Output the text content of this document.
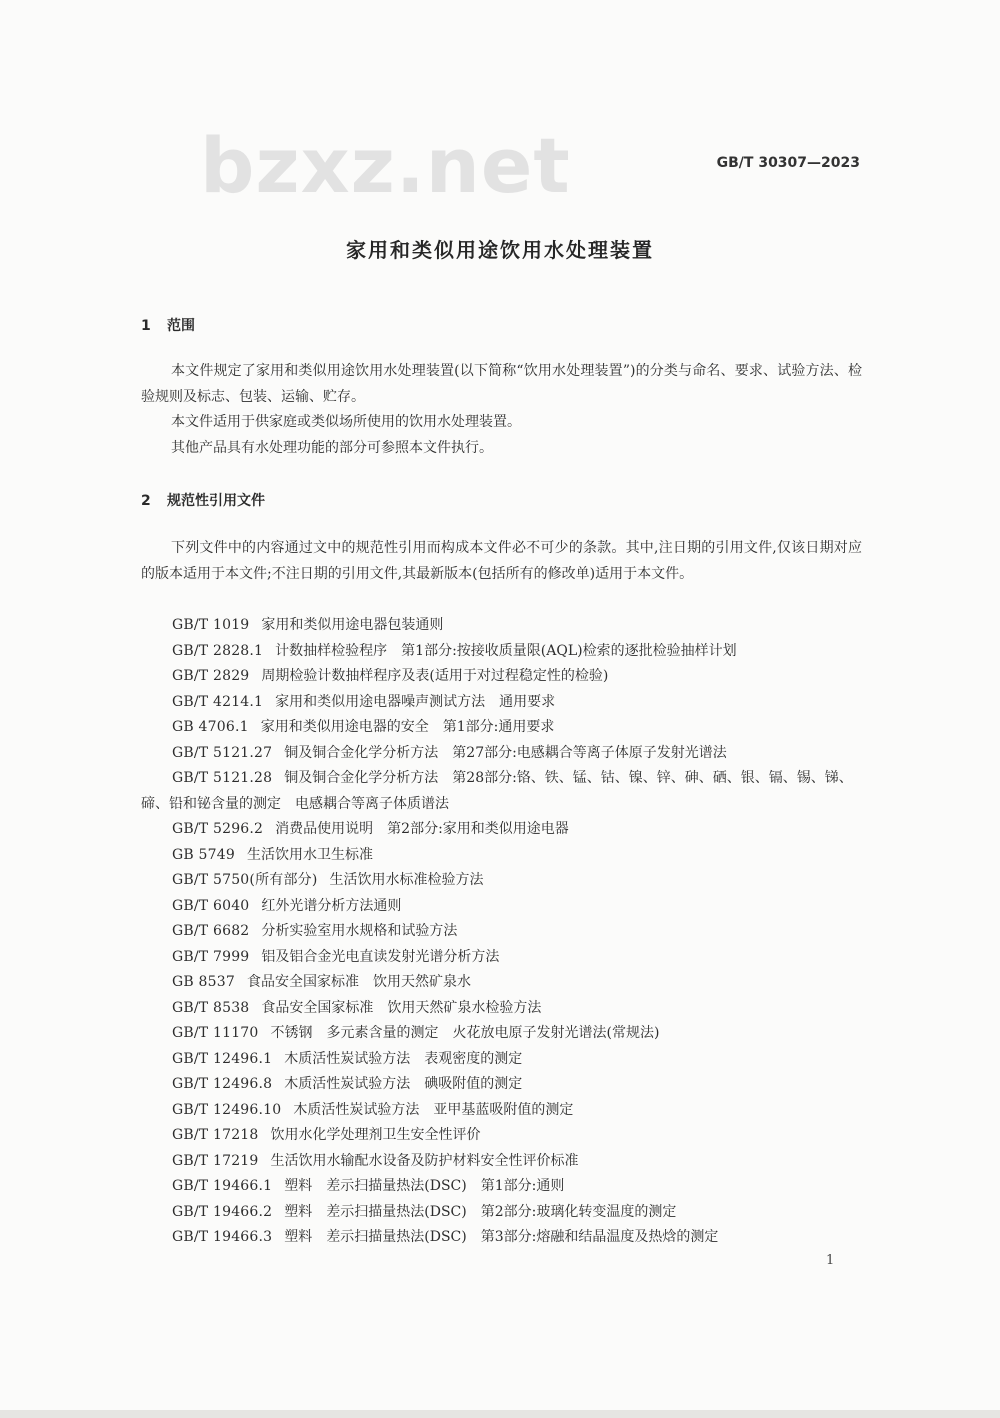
bzxz.net	GB/T 30307—2023
家用和类似用途饮用水处理装置
1 范围
本文件规定了家用和类似用途饮用水处理装置(以下简称“饮用水处理装置”)的分类与命名、要求、试验方法、检验规则及标志、包装、运输、贮存。
本文件适用于供家庭或类似场所使用的饮用水处理装置。
其他产品具有水处理功能的部分可参照本文件执行。
2 规范性引用文件
下列文件中的内容通过文中的规范性引用而构成本文件必不可少的条款。其中,注日期的引用文件,仅该日期对应的版本适用于本文件;不注日期的引用文件,其最新版本(包括所有的修改单)适用于本文件。
GB/T 1019 家用和类似用途电器包装通则
GB/T 2828.1 计数抽样检验程序　第1部分:按接收质量限(AQL)检索的逐批检验抽样计划
GB/T 2829 周期检验计数抽样程序及表(适用于对过程稳定性的检验)
GB/T 4214.1 家用和类似用途电器噪声测试方法　通用要求
GB 4706.1 家用和类似用途电器的安全　第1部分:通用要求
GB/T 5121.27 铜及铜合金化学分析方法　第27部分:电感耦合等离子体原子发射光谱法
GB/T 5121.28 铜及铜合金化学分析方法　第28部分:铬、铁、锰、钴、镍、锌、砷、硒、银、镉、锡、锑、碲、铅和铋含量的测定　电感耦合等离子体质谱法
GB/T 5296.2 消费品使用说明　第2部分:家用和类似用途电器
GB 5749 生活饮用水卫生标准
GB/T 5750(所有部分) 生活饮用水标准检验方法
GB/T 6040 红外光谱分析方法通则
GB/T 6682 分析实验室用水规格和试验方法
GB/T 7999 铝及铝合金光电直读发射光谱分析方法
GB 8537 食品安全国家标准　饮用天然矿泉水
GB/T 8538 食品安全国家标准　饮用天然矿泉水检验方法
GB/T 11170 不锈钢　多元素含量的测定　火花放电原子发射光谱法(常规法)
GB/T 12496.1 木质活性炭试验方法　表观密度的测定
GB/T 12496.8 木质活性炭试验方法　碘吸附值的测定
GB/T 12496.10 木质活性炭试验方法　亚甲基蓝吸附值的测定
GB/T 17218 饮用水化学处理剂卫生安全性评价
GB/T 17219 生活饮用水输配水设备及防护材料安全性评价标准
GB/T 19466.1 塑料　差示扫描量热法(DSC)　第1部分:通则
GB/T 19466.2 塑料　差示扫描量热法(DSC)　第2部分:玻璃化转变温度的测定
GB/T 19466.3 塑料　差示扫描量热法(DSC)　第3部分:熔融和结晶温度及热焓的测定
1
